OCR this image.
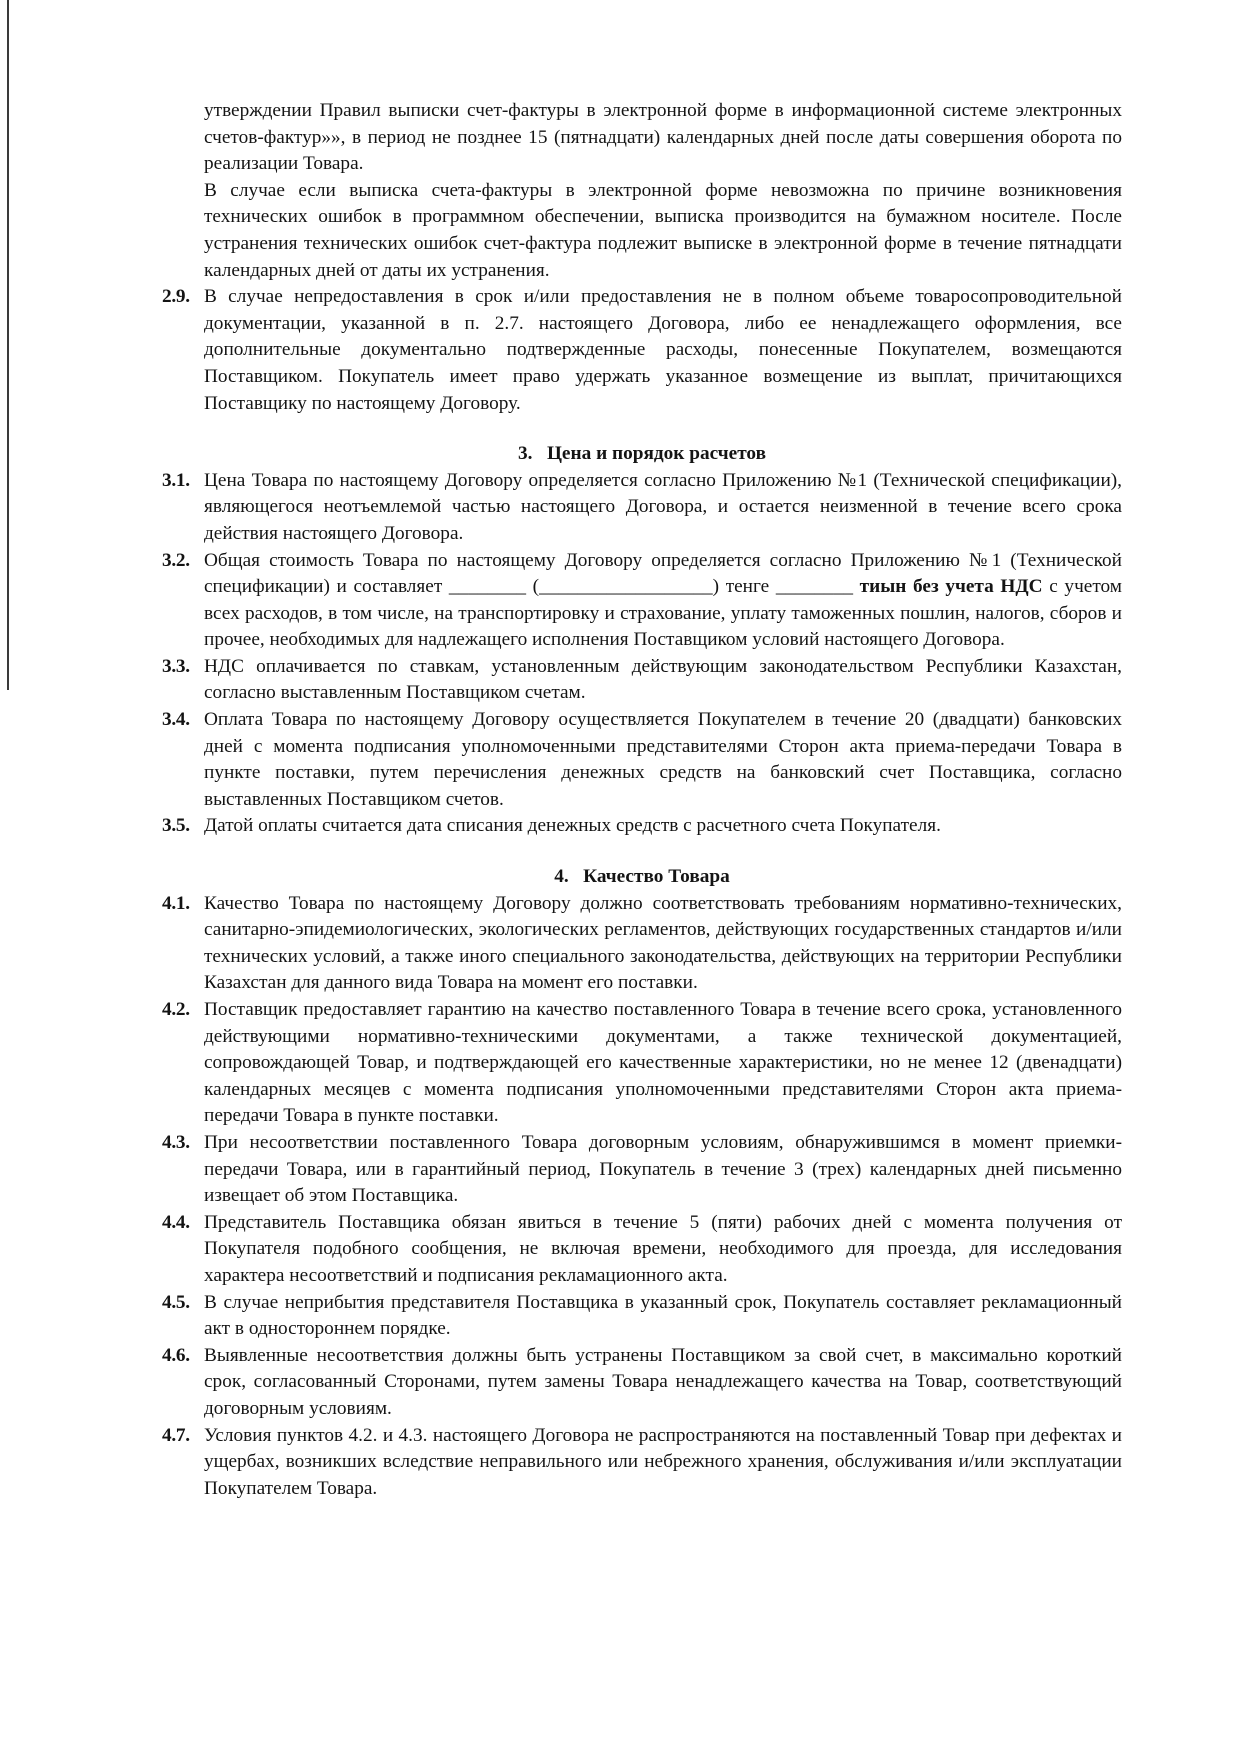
утверждении Правил выписки счет-фактуры в электронной форме в информационной системе электронных счетов-фактур»», в период не позднее 15 (пятнадцати) календарных дней после даты совершения оборота по реализации Товара.
В случае если выписка счета-фактуры в электронной форме невозможна по причине возникновения технических ошибок в программном обеспечении, выписка производится на бумажном носителе. После устранения технических ошибок счет-фактура подлежит выписке в электронной форме в течение пятнадцати календарных дней от даты их устранения.
2.9. В случае непредоставления в срок и/или предоставления не в полном объеме товаросопроводительной документации, указанной в п. 2.7. настоящего Договора, либо ее ненадлежащего оформления, все дополнительные документально подтвержденные расходы, понесенные Покупателем, возмещаются Поставщиком. Покупатель имеет право удержать указанное возмещение из выплат, причитающихся Поставщику по настоящему Договору.
3.   Цена и порядок расчетов
3.1. Цена Товара по настоящему Договору определяется согласно Приложению №1 (Технической спецификации), являющегося неотъемлемой частью настоящего Договора, и остается неизменной в течение всего срока действия настоящего Договора.
3.2. Общая стоимость Товара по настоящему Договору определяется согласно Приложению №1 (Технической спецификации) и составляет ________ (__________________) тенге ________ тиын без учета НДС с учетом всех расходов, в том числе, на транспортировку и страхование, уплату таможенных пошлин, налогов, сборов и прочее, необходимых для надлежащего исполнения Поставщиком условий настоящего Договора.
3.3. НДС оплачивается по ставкам, установленным действующим законодательством Республики Казахстан, согласно выставленным Поставщиком счетам.
3.4. Оплата Товара по настоящему Договору осуществляется Покупателем в течение 20 (двадцати) банковских дней с момента подписания уполномоченными представителями Сторон акта приема-передачи Товара в пункте поставки, путем перечисления денежных средств на банковский счет Поставщика, согласно выставленных Поставщиком счетов.
3.5. Датой оплаты считается дата списания денежных средств с расчетного счета Покупателя.
4.   Качество Товара
4.1. Качество Товара по настоящему Договору должно соответствовать требованиям нормативно-технических, санитарно-эпидемиологических, экологических регламентов, действующих государственных стандартов и/или технических условий, а также иного специального законодательства, действующих на территории Республики Казахстан для данного вида Товара на момент его поставки.
4.2. Поставщик предоставляет гарантию на качество поставленного Товара в течение всего срока, установленного действующими нормативно-техническими документами, а также технической документацией, сопровождающей Товар, и подтверждающей его качественные характеристики, но не менее 12 (двенадцати) календарных месяцев с момента подписания уполномоченными представителями Сторон акта приема-передачи Товара в пункте поставки.
4.3. При несоответствии поставленного Товара договорным условиям, обнаружившимся в момент приемки-передачи Товара, или в гарантийный период, Покупатель в течение 3 (трех) календарных дней письменно извещает об этом Поставщика.
4.4. Представитель Поставщика обязан явиться в течение 5 (пяти) рабочих дней с момента получения от Покупателя подобного сообщения, не включая времени, необходимого для проезда, для исследования характера несоответствий и подписания рекламационного акта.
4.5. В случае неприбытия представителя Поставщика в указанный срок, Покупатель составляет рекламационный акт в одностороннем порядке.
4.6. Выявленные несоответствия должны быть устранены Поставщиком за свой счет, в максимально короткий срок, согласованный Сторонами, путем замены Товара ненадлежащего качества на Товар, соответствующий договорным условиям.
4.7. Условия пунктов 4.2. и 4.3. настоящего Договора не распространяются на поставленный Товар при дефектах и ущербах, возникших вследствие неправильного или небрежного хранения, обслуживания и/или эксплуатации Покупателем Товара.
